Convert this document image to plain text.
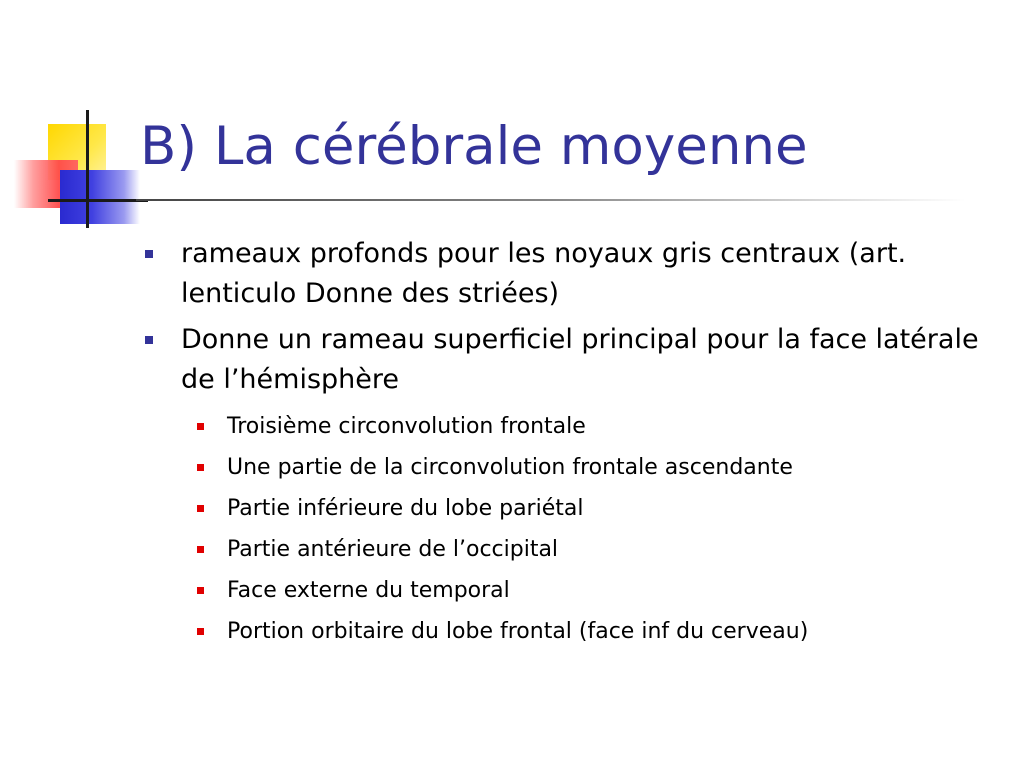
B) La cérébrale moyenne
rameaux profonds pour les noyaux gris centraux (art. lenticulo Donne des striées)
Donne un rameau superficiel principal pour la face latérale de l’hémisphère
Troisième circonvolution frontale
Une partie de la circonvolution frontale ascendante
Partie inférieure du lobe pariétal
Partie antérieure de l’occipital
Face externe du temporal
Portion orbitaire du lobe frontal (face inf du cerveau)
